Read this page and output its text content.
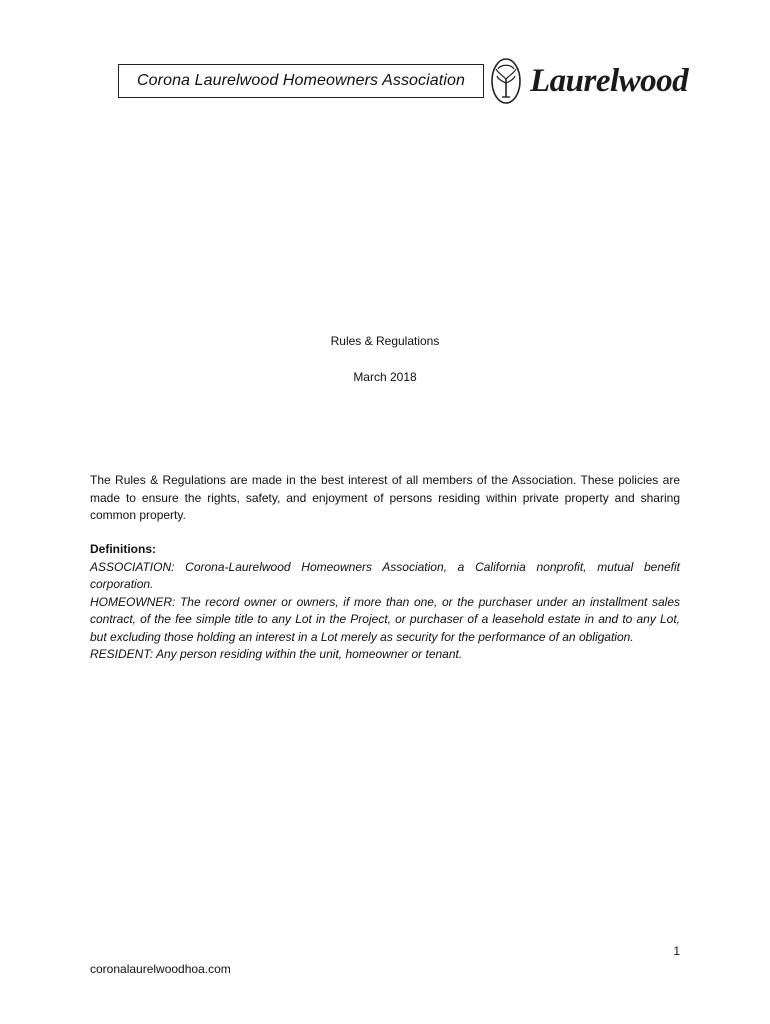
Corona Laurelwood Homeowners Association Laurelwood
Rules & Regulations
March 2018

The Rules & Regulations are made in the best interest of all members of the Association. These policies are made to ensure the rights, safety, and enjoyment of persons residing within private property and sharing common property.

Definitions:

ASSOCIATION: Corona-Laurelwood Homeowners Association, a California nonprofit, mutual benefit corporation.

HOMEOWNER: The record owner or owners, if more than one, or the purchaser under an installment sales contract, of the fee simple title to any Lot in the Project, or purchaser of a leasehold estate in and to any Lot, but excluding those holding an interest in a Lot merely as security for the performance of an obligation.

RESIDENT: Any person residing within the unit, homeowner or tenant.

1
coronalaurelwoodhoa.com
